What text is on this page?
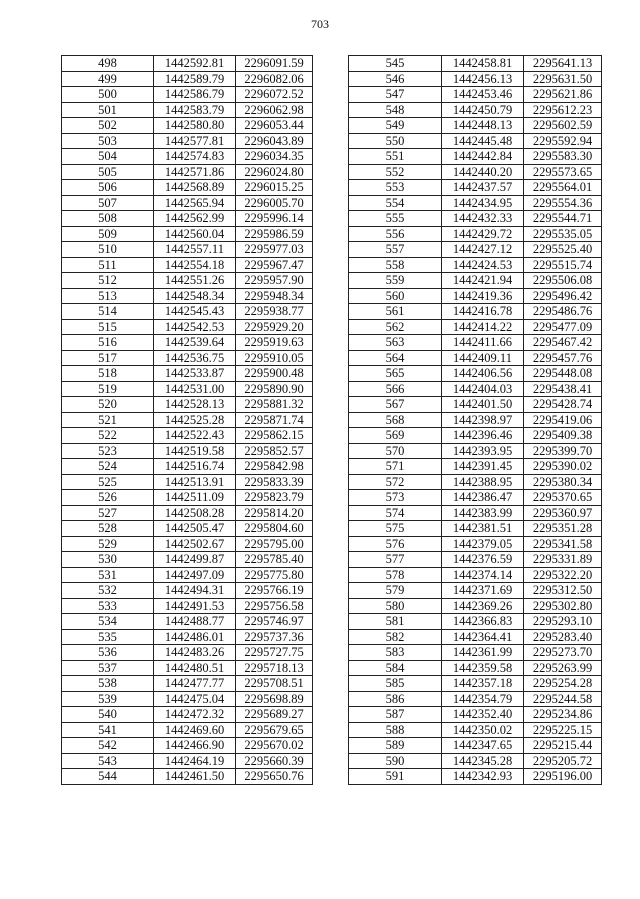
703
498	1442592.81	2296091.59
499	1442589.79	2296082.06
500	1442586.79	2296072.52
501	1442583.79	2296062.98
502	1442580.80	2296053.44
503	1442577.81	2296043.89
504	1442574.83	2296034.35
505	1442571.86	2296024.80
506	1442568.89	2296015.25
507	1442565.94	2296005.70
508	1442562.99	2295996.14
509	1442560.04	2295986.59
510	1442557.11	2295977.03
511	1442554.18	2295967.47
512	1442551.26	2295957.90
513	1442548.34	2295948.34
514	1442545.43	2295938.77
515	1442542.53	2295929.20
516	1442539.64	2295919.63
517	1442536.75	2295910.05
518	1442533.87	2295900.48
519	1442531.00	2295890.90
520	1442528.13	2295881.32
521	1442525.28	2295871.74
522	1442522.43	2295862.15
523	1442519.58	2295852.57
524	1442516.74	2295842.98
525	1442513.91	2295833.39
526	1442511.09	2295823.79
527	1442508.28	2295814.20
528	1442505.47	2295804.60
529	1442502.67	2295795.00
530	1442499.87	2295785.40
531	1442497.09	2295775.80
532	1442494.31	2295766.19
533	1442491.53	2295756.58
534	1442488.77	2295746.97
535	1442486.01	2295737.36
536	1442483.26	2295727.75
537	1442480.51	2295718.13
538	1442477.77	2295708.51
539	1442475.04	2295698.89
540	1442472.32	2295689.27
541	1442469.60	2295679.65
542	1442466.90	2295670.02
543	1442464.19	2295660.39
544	1442461.50	2295650.76
545	1442458.81	2295641.13
546	1442456.13	2295631.50
547	1442453.46	2295621.86
548	1442450.79	2295612.23
549	1442448.13	2295602.59
550	1442445.48	2295592.94
551	1442442.84	2295583.30
552	1442440.20	2295573.65
553	1442437.57	2295564.01
554	1442434.95	2295554.36
555	1442432.33	2295544.71
556	1442429.72	2295535.05
557	1442427.12	2295525.40
558	1442424.53	2295515.74
559	1442421.94	2295506.08
560	1442419.36	2295496.42
561	1442416.78	2295486.76
562	1442414.22	2295477.09
563	1442411.66	2295467.42
564	1442409.11	2295457.76
565	1442406.56	2295448.08
566	1442404.03	2295438.41
567	1442401.50	2295428.74
568	1442398.97	2295419.06
569	1442396.46	2295409.38
570	1442393.95	2295399.70
571	1442391.45	2295390.02
572	1442388.95	2295380.34
573	1442386.47	2295370.65
574	1442383.99	2295360.97
575	1442381.51	2295351.28
576	1442379.05	2295341.58
577	1442376.59	2295331.89
578	1442374.14	2295322.20
579	1442371.69	2295312.50
580	1442369.26	2295302.80
581	1442366.83	2295293.10
582	1442364.41	2295283.40
583	1442361.99	2295273.70
584	1442359.58	2295263.99
585	1442357.18	2295254.28
586	1442354.79	2295244.58
587	1442352.40	2295234.86
588	1442350.02	2295225.15
589	1442347.65	2295215.44
590	1442345.28	2295205.72
591	1442342.93	2295196.00
